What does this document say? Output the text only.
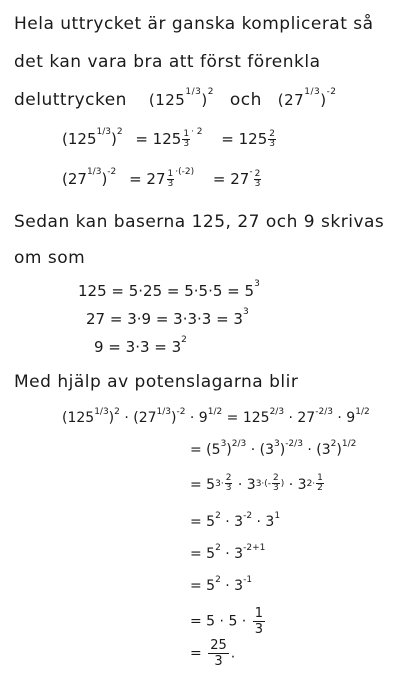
Hela uttrycket är ganska komplicerat så
det kan vara bra att först förenkla
deluttrycken $(125^{1/3})^2$ och $(27^{1/3})^{-2}$
$(125^{1/3})^2 = 125 \frac{1}{3} ^{\cdot 2} = 125 \frac{2}{3}$
$(27^{1/3})^{-2} = 27 \frac{1}{3} ^{\cdot(-2)} = 27^- \frac{2}{3}$
Sedan kan baserna 125, 27 och 9 skrivas
om som
$125 = 5\cdot 25 = 5\cdot 5\cdot 5 = 5^3$
$27 = 3\cdot 9 = 3\cdot 3\cdot 3 = 3^3$
$9 = 3\cdot 3 = 3^2$
Med hjälp av potenslagarna blir
$(125^{1/3})^2 \cdot (27^{1/3})^{-2} \cdot 9^{1/2} = 125^{2/3} \cdot 27^{-2/3} \cdot 9^{1/2}$
= $(5^3)^{2/3} \cdot (3^3)^{-2/3} \cdot (3^2)^{1/2}$
= $5^{3\cdot \frac{2}{3}} \cdot 3^{3\cdot(- \frac{2}{3} )} \cdot 3^{2\cdot \frac{1}{2}}$
= $5^2 \cdot 3^{-2} \cdot 3^1$
= $5^2 \cdot 3^{-2+1}$
= $5^2 \cdot 3^{-1}$
= $5 \cdot 5 \cdot \frac{1}{3}$
= $\frac{25}{3}$ .
